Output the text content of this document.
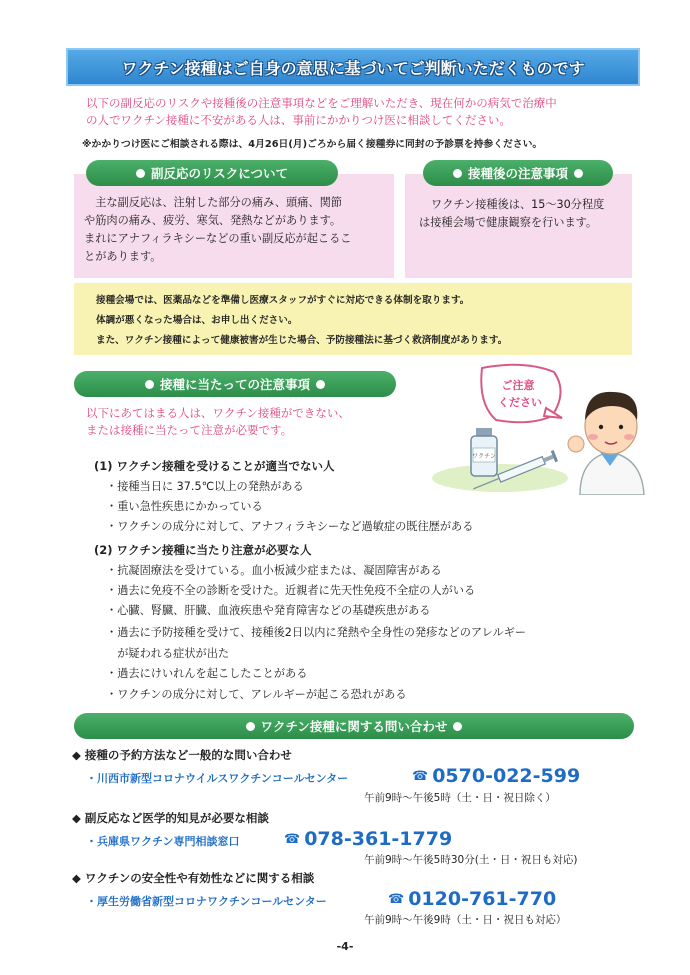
ワクチン接種はご自身の意思に基づいてご判断いただくものです
以下の副反応のリスクや接種後の注意事項などをご理解いただき、現在何かの病気で治療中
の人でワクチン接種に不安がある人は、事前にかかりつけ医に相談してください。
※かかりつけ医にご相談される際は、4月26日(月)ごろから届く接種券に同封の予診票を持参ください。
副反応のリスクについて

　主な副反応は、注射した部分の痛み、頭痛、関節

や筋肉の痛み、疲労、寒気、発熱などがあります。

まれにアナフィラキシーなどの重い副反応が起こるこ

とがあります。

接種後の注意事項

ワクチン接種後は、15～30分程度

は接種会場で健康観察を行います。

接種会場では、医薬品などを準備し医療スタッフがすぐに対応できる体制を取ります。

体調が悪くなった場合は、お申し出ください。

また、ワクチン接種によって健康被害が生じた場合、予防接種法に基づく救済制度があります。

接種に当たっての注意事項
以下にあてはまる人は、ワクチン接種ができない、
または接種に当たって注意が必要です。
ご注意
ください
ワクチン
(1) ワクチン接種を受けることが適当でない人
・接種当日に 37.5℃以上の発熱がある
・重い急性疾患にかかっている
・ワクチンの成分に対して、アナフィラキシーなど過敏症の既往歴がある
(2) ワクチン接種に当たり注意が必要な人
・抗凝固療法を受けている。血小板減少症または、凝固障害がある
・過去に免疫不全の診断を受けた。近親者に先天性免疫不全症の人がいる
・心臓、腎臓、肝臓、血液疾患や発育障害などの基礎疾患がある
・過去に予防接種を受けて、接種後2日以内に発熱や全身性の発疹などのアレルギー
　が疑われる症状が出た
・過去にけいれんを起こしたことがある
・ワクチンの成分に対して、アレルギーが起こる恐れがある
ワクチン接種に関する問い合わせ
◆ 接種の予約方法など一般的な問い合わせ
・川西市新型コロナウイルスワクチンコールセンター	☎ 0570-022-599
午前9時～午後5時（土・日・祝日除く）
◆ 副反応など医学的知見が必要な相談
・兵庫県ワクチン専門相談窓口	☎ 078-361-1779
午前9時～午後5時30分(土・日・祝日も対応)
◆ ワクチンの安全性や有効性などに関する相談
・厚生労働省新型コロナワクチンコールセンター	☎ 0120-761-770
午前9時～午後9時（土・日・祝日も対応）
-4-
